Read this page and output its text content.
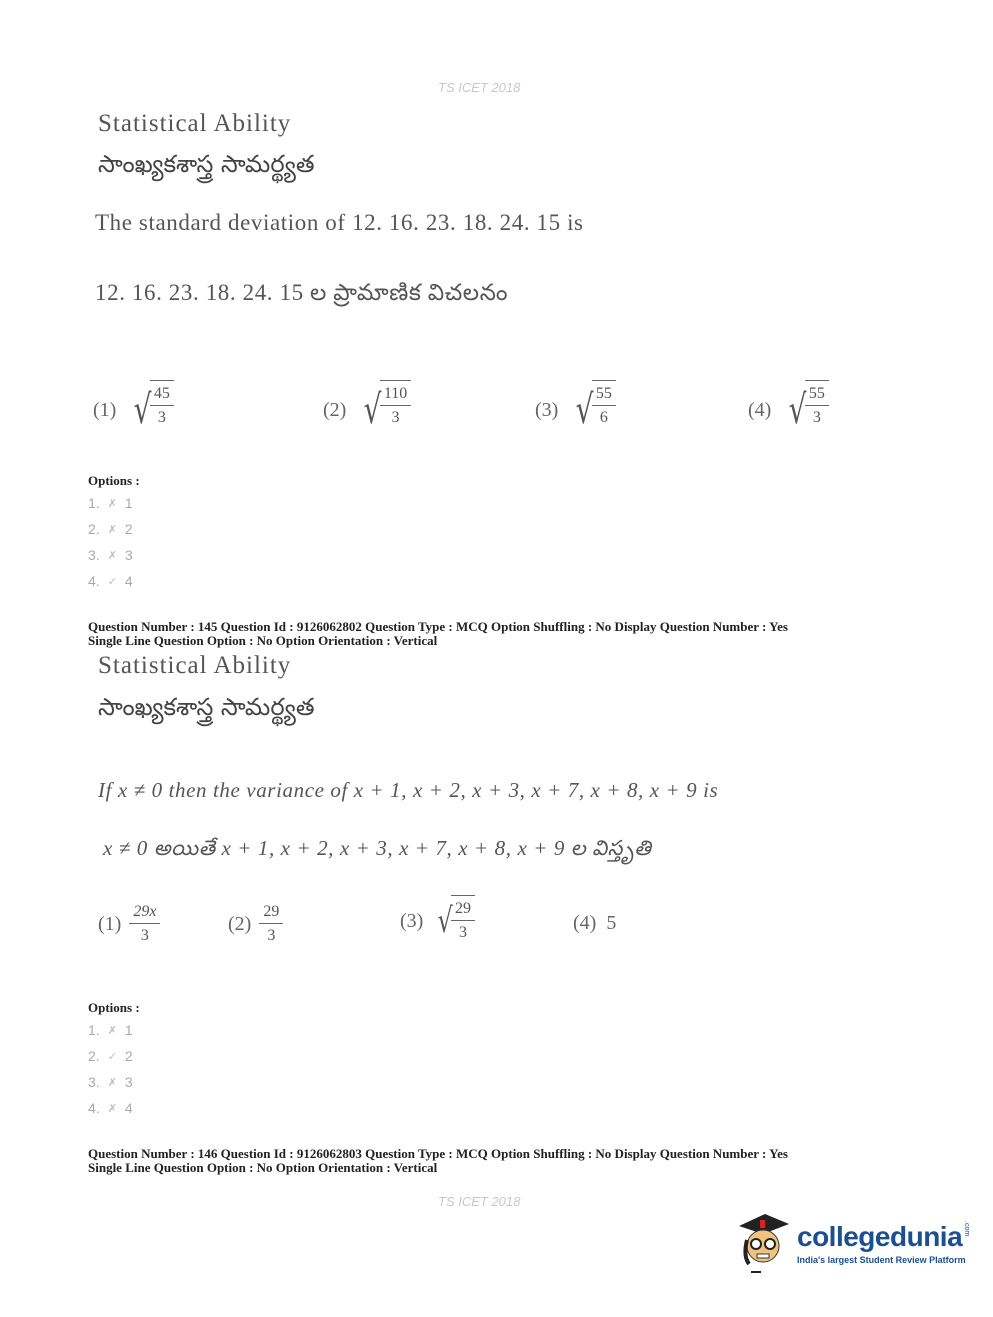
TS ICET 2018
Statistical Ability
సాంఖ్యకశాస్త్ర సామర్థ్యత
The standard deviation of 12. 16. 23. 18. 24. 15 is
12. 16. 23. 18. 24. 15 ల ప్రామాణిక విచలనం
(1) √
$\frac{45}{3}$	(2) √
$\frac{110}{3}$	(3) √
$\frac{55}{6}$	(4) √
$\frac{55}{3}$
Options :
1. ✗ 1
2. ✗ 2
3. ✗ 3
4. ✓ 4
Question Number : 145 Question Id : 9126062802 Question Type : MCQ Option Shuffling : No Display Question Number : Yes
Single Line Question Option : No Option Orientation : Vertical
Statistical Ability
సాంఖ్యకశాస్త్ర సామర్థ్యత
If x ≠ 0 then the variance of x + 1, x + 2, x + 3, x + 7, x + 8, x + 9 is
x ≠ 0 అయితే x + 1, x + 2, x + 3, x + 7, x + 8, x + 9 ల విస్తృతి
$(1) \frac{29x}{3}$	$(2) \frac{29}{3}$	(3) √
$\frac{29}{3}$	(4) 5
Options :
1. ✗ 1
2. ✓ 2
3. ✗ 3
4. ✗ 4
Question Number : 146 Question Id : 9126062803 Question Type : MCQ Option Shuffling : No Display Question Number : Yes
Single Line Question Option : No Option Orientation : Vertical
TS ICET 2018
collegedunia .com
India's largest Student Review Platform
